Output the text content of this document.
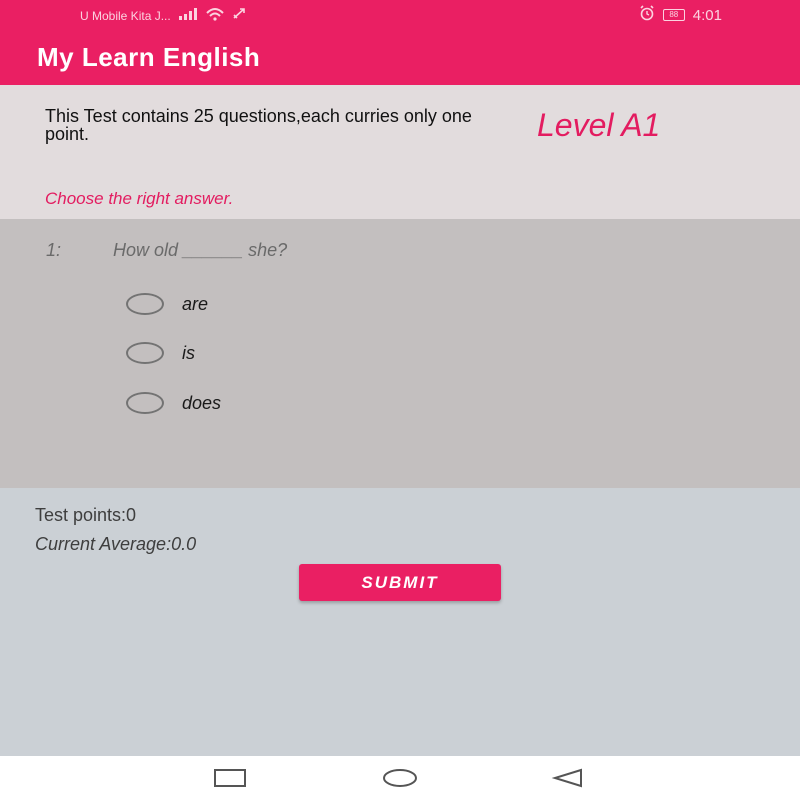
U Mobile Kita J...	88 4:01
My Learn English
This Test contains 25 questions,each curries only one point.	Level A1
Choose the right answer.
1:	How old ______ she?
are
is
does
Test points:0
Current Average:0.0
SUBMIT
